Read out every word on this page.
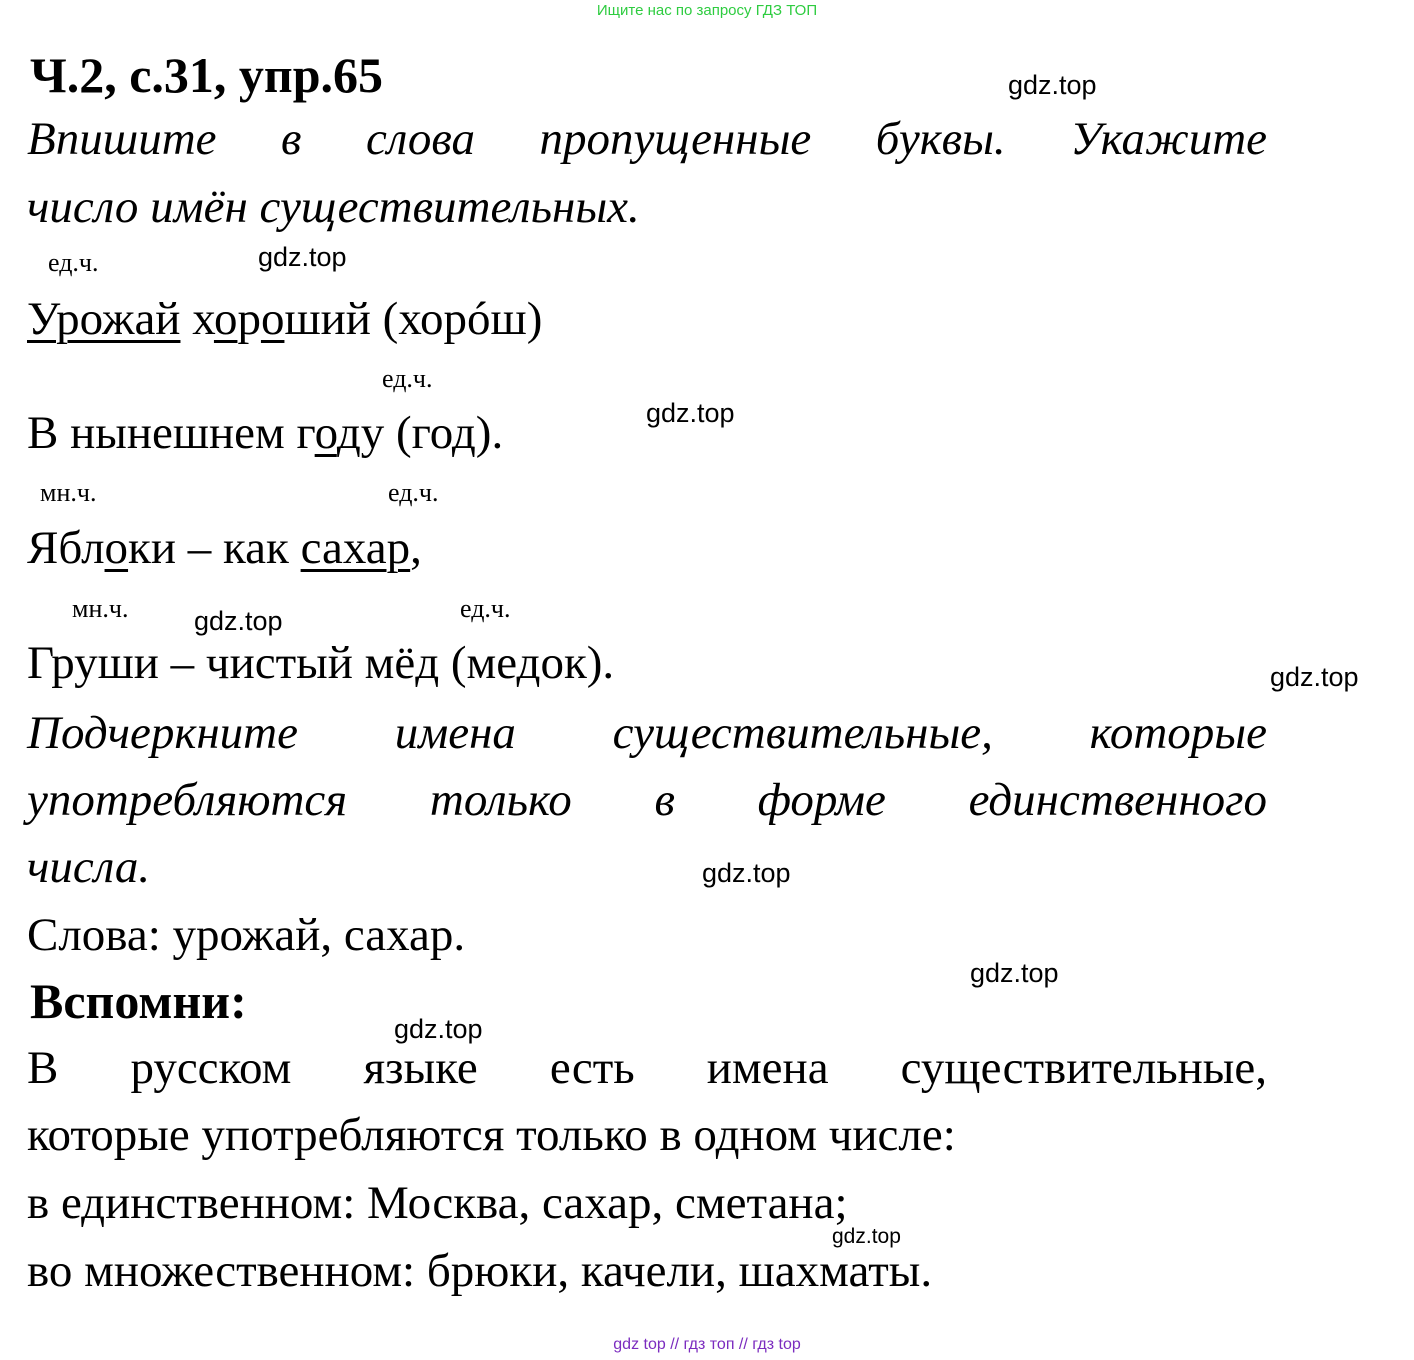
Ищите нас по запросу ГДЗ ТОП
Ч.2, с.31, упр.65
Впишите в слова пропущенные буквы. Укажите
число имён существительных.
ед.ч.
Урожай хороший (хорóш)
ед.ч.
В нынешнем году (год).
мн.ч.	ед.ч.
Яблоки – как сахар,
мн.ч.	ед.ч.
Груши – чистый мёд (медок).
Подчеркните имена существительные, которые
употребляются только в форме единственного
числа.
Слова: урожай, сахар.
Вспомни:
В русском языке есть имена существительные,
которые употребляются только в одном числе:
в единственном: Москва, сахар, сметана;
во множественном: брюки, качели, шахматы.
gdz.top
gdz.top
gdz.top
gdz.top
gdz.top
gdz.top
gdz.top
gdz.top
gdz.top
gdz top // гдз топ // гдз top
